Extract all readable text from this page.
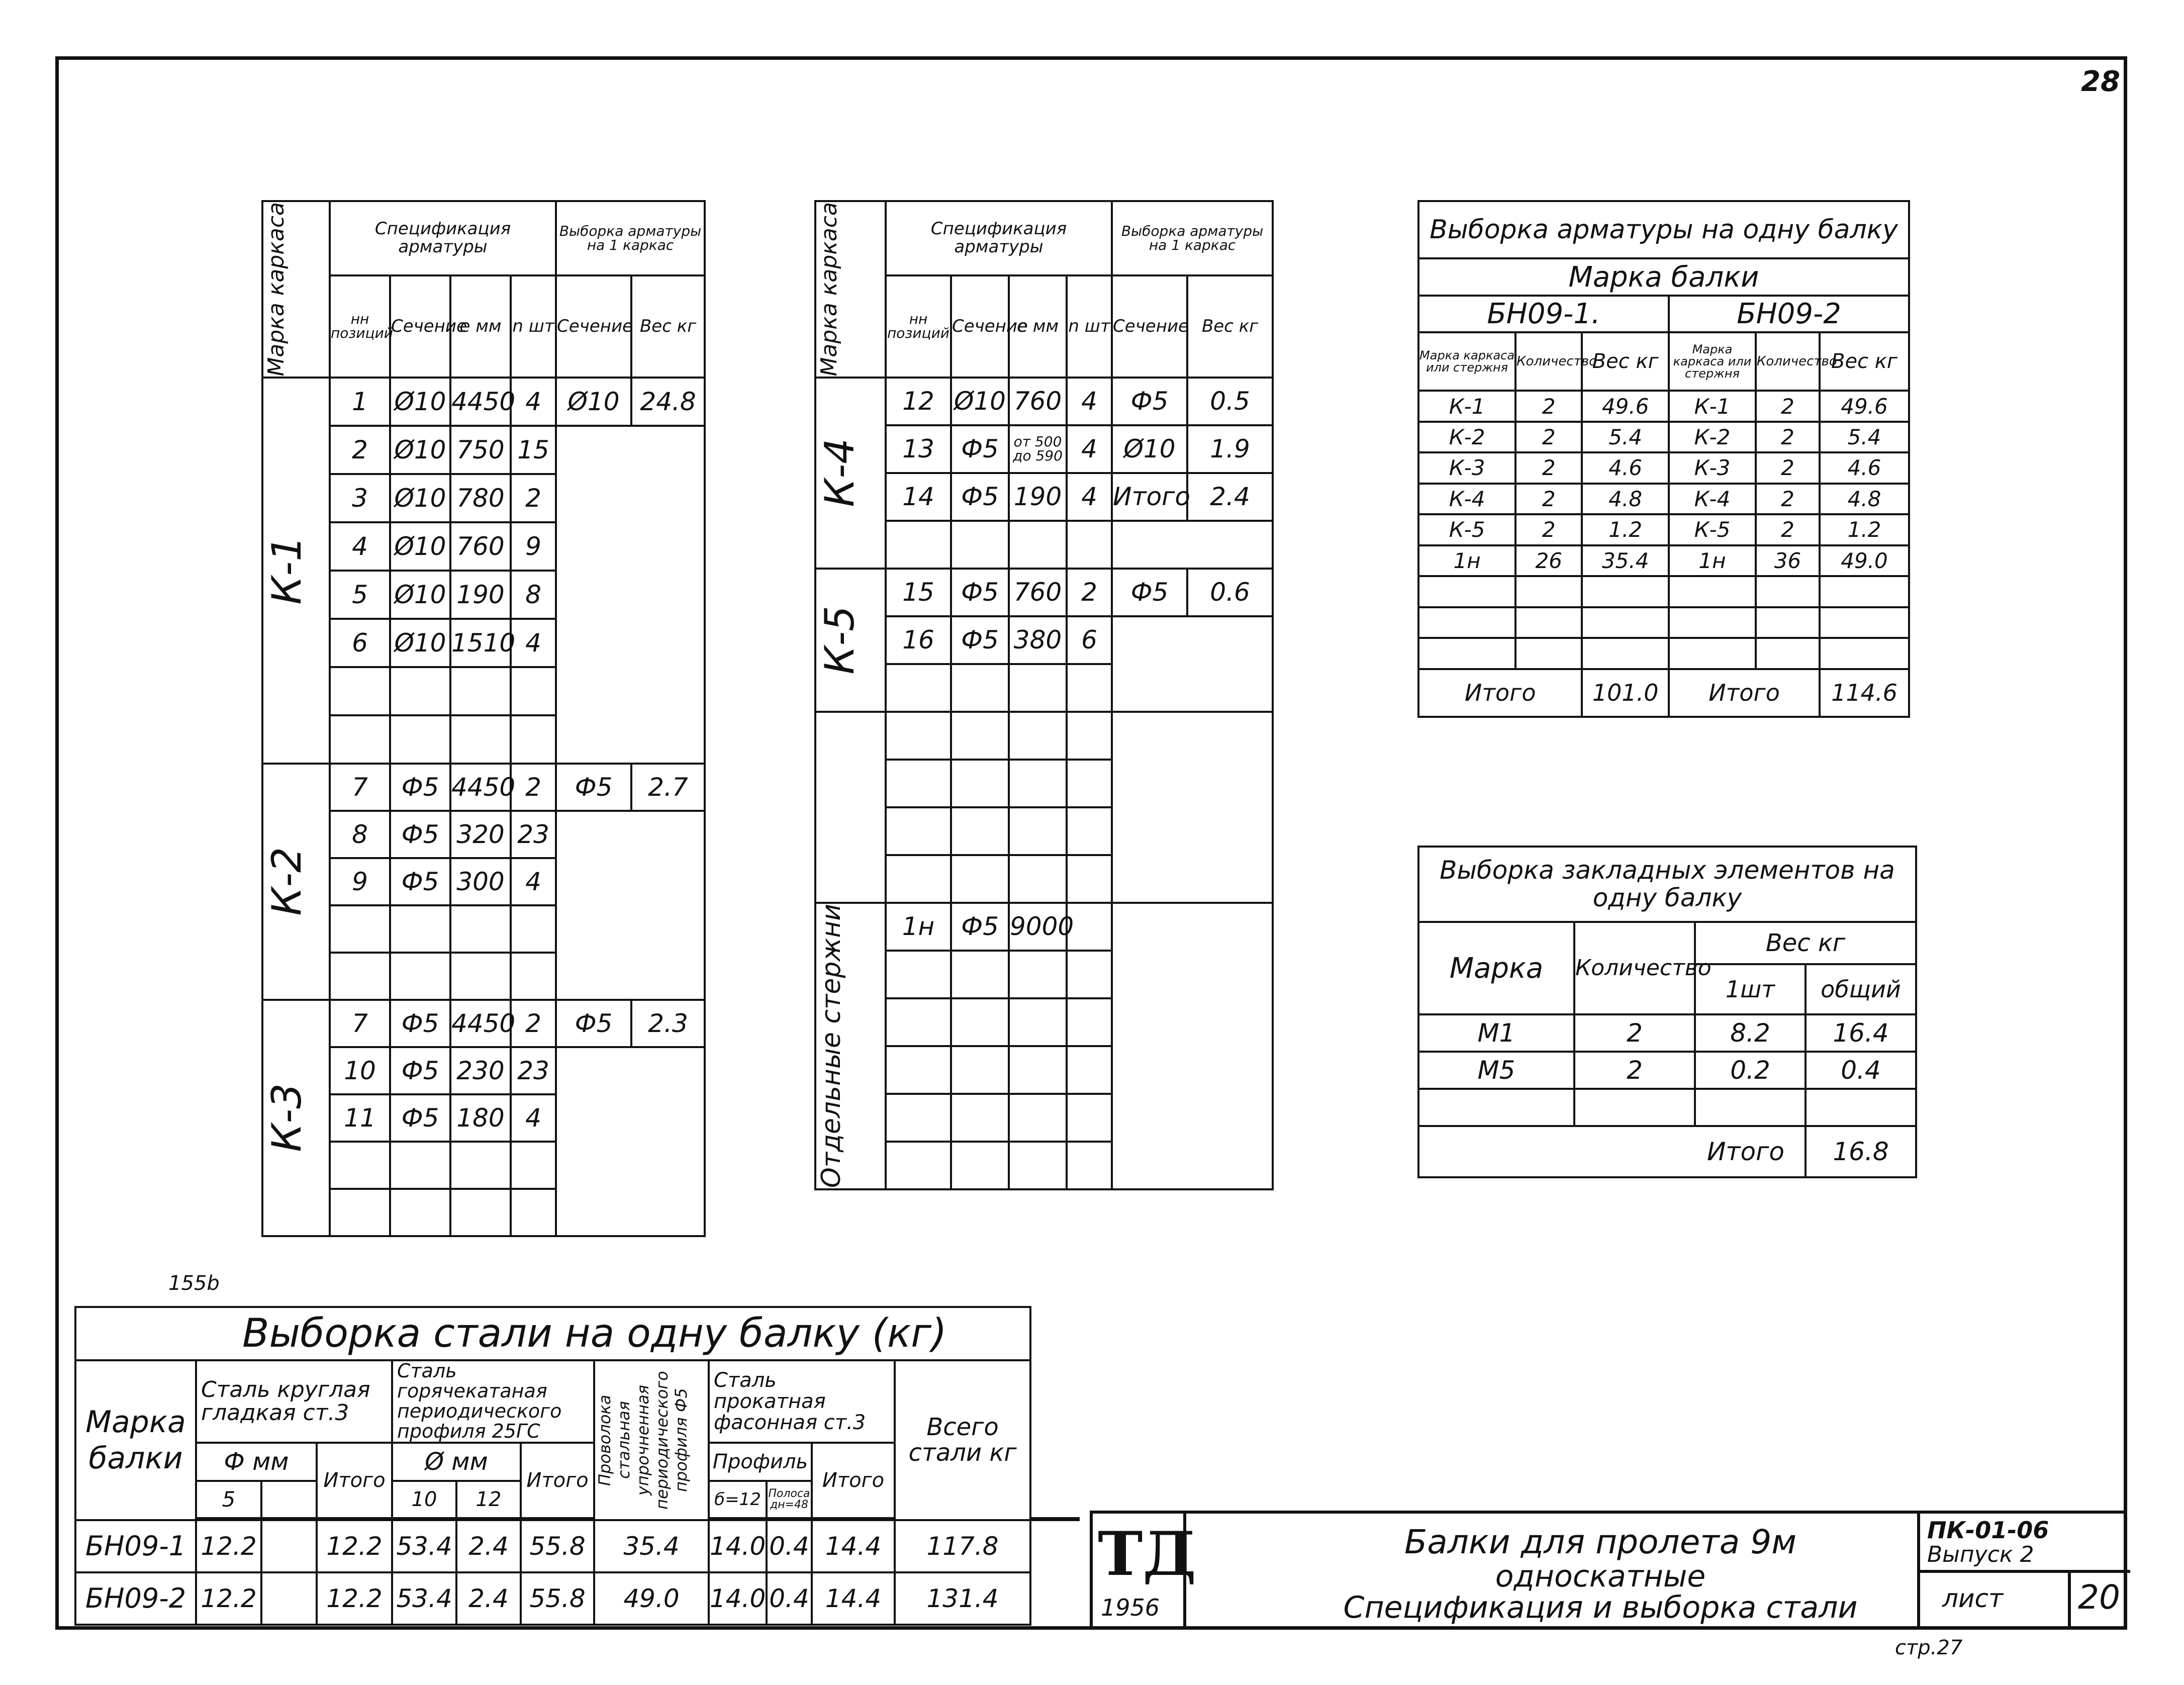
28
Марка каркаса	Спецификация арматуры				Выборка арматуры на 1 каркас	
	нн позиций	Сечение	e мм	n шт	Сечение	Вес кг

К-1	1	Ø10	4450	4	Ø10	24.8
	2	Ø10	750	15		
	3	Ø10	780	2		
	4	Ø10	760	9		
	5	Ø10	190	8		
	6	Ø10	1510	4		

К-2	7	Ф5	4450	2	Ф5	2.7
	8	Ф5	320	23		
	9	Ф5	300	4		

К-3	7	Ф5	4450	2	Ф5	2.3
	10	Ф5	230	23		
	11	Ф5	180	4		

Марка каркаса	Спецификация арматуры				Выборка арматуры на 1 каркас	
	нн позиций	Сечение	e мм	n шт	Сечение	Вес кг

К-4	12	Ø10	760	4	Ф5	0.5
	13	Ф5	от 500 до 590	4	Ø10	1.9
	14	Ф5	190	4	Итого	2.4

К-5	15	Ф5	760	2	Ф5	0.6
	16	Ф5	380	6		

Отдельные стержни	1н	Ф5	9000			

Выборка арматуры на одну балку					
Марка балки					
БН09-1.			БН09-2		
Марка каркаса или стержня	Количество	Вес кг	Марка каркаса или стержня	Количество	Вес кг
К-1	2	49.6	К-1	2	49.6
К-2	2	5.4	К-2	2	5.4
К-3	2	4.6	К-3	2	4.6
К-4	2	4.8	К-4	2	4.8
К-5	2	1.2	К-5	2	1.2
1н	26	35.4	1н	36	49.0

Итого		101.0	Итого		114.6
Выборка закладных элементов на одну балку			
Марка	Количество	Вес кг	
		1шт	общий
М1	2	8.2	16.4
М5	2	0.2	0.4

Итого			16.8
155b
Выборка стали на одну балку (кг)												
Марка балки	Сталь круглая гладкая ст.3			Сталь горячекатаная периодического профиля 25ГС			Проволока стальная упрочненная периодического профиля Ф5	Сталь прокатная фасонная ст.3			Всего стали кг	
	Ф мм		Итого	Ø мм		Итого		Профиль		Итого		
	5			10	12			б=12	Полоса дн=48			

БН09-1	12.2		12.2	53.4	2.4	55.8	35.4	14.0	0.4	14.4	117.8	
БН09-2	12.2		12.2	53.4	2.4	55.8	49.0	14.0	0.4	14.4	131.4	
ТД
1956
Балки для пролета 9м
односкатные
Спецификация и выборка стали
ПК-01-06
Выпуск 2
лист 20
стр.27
